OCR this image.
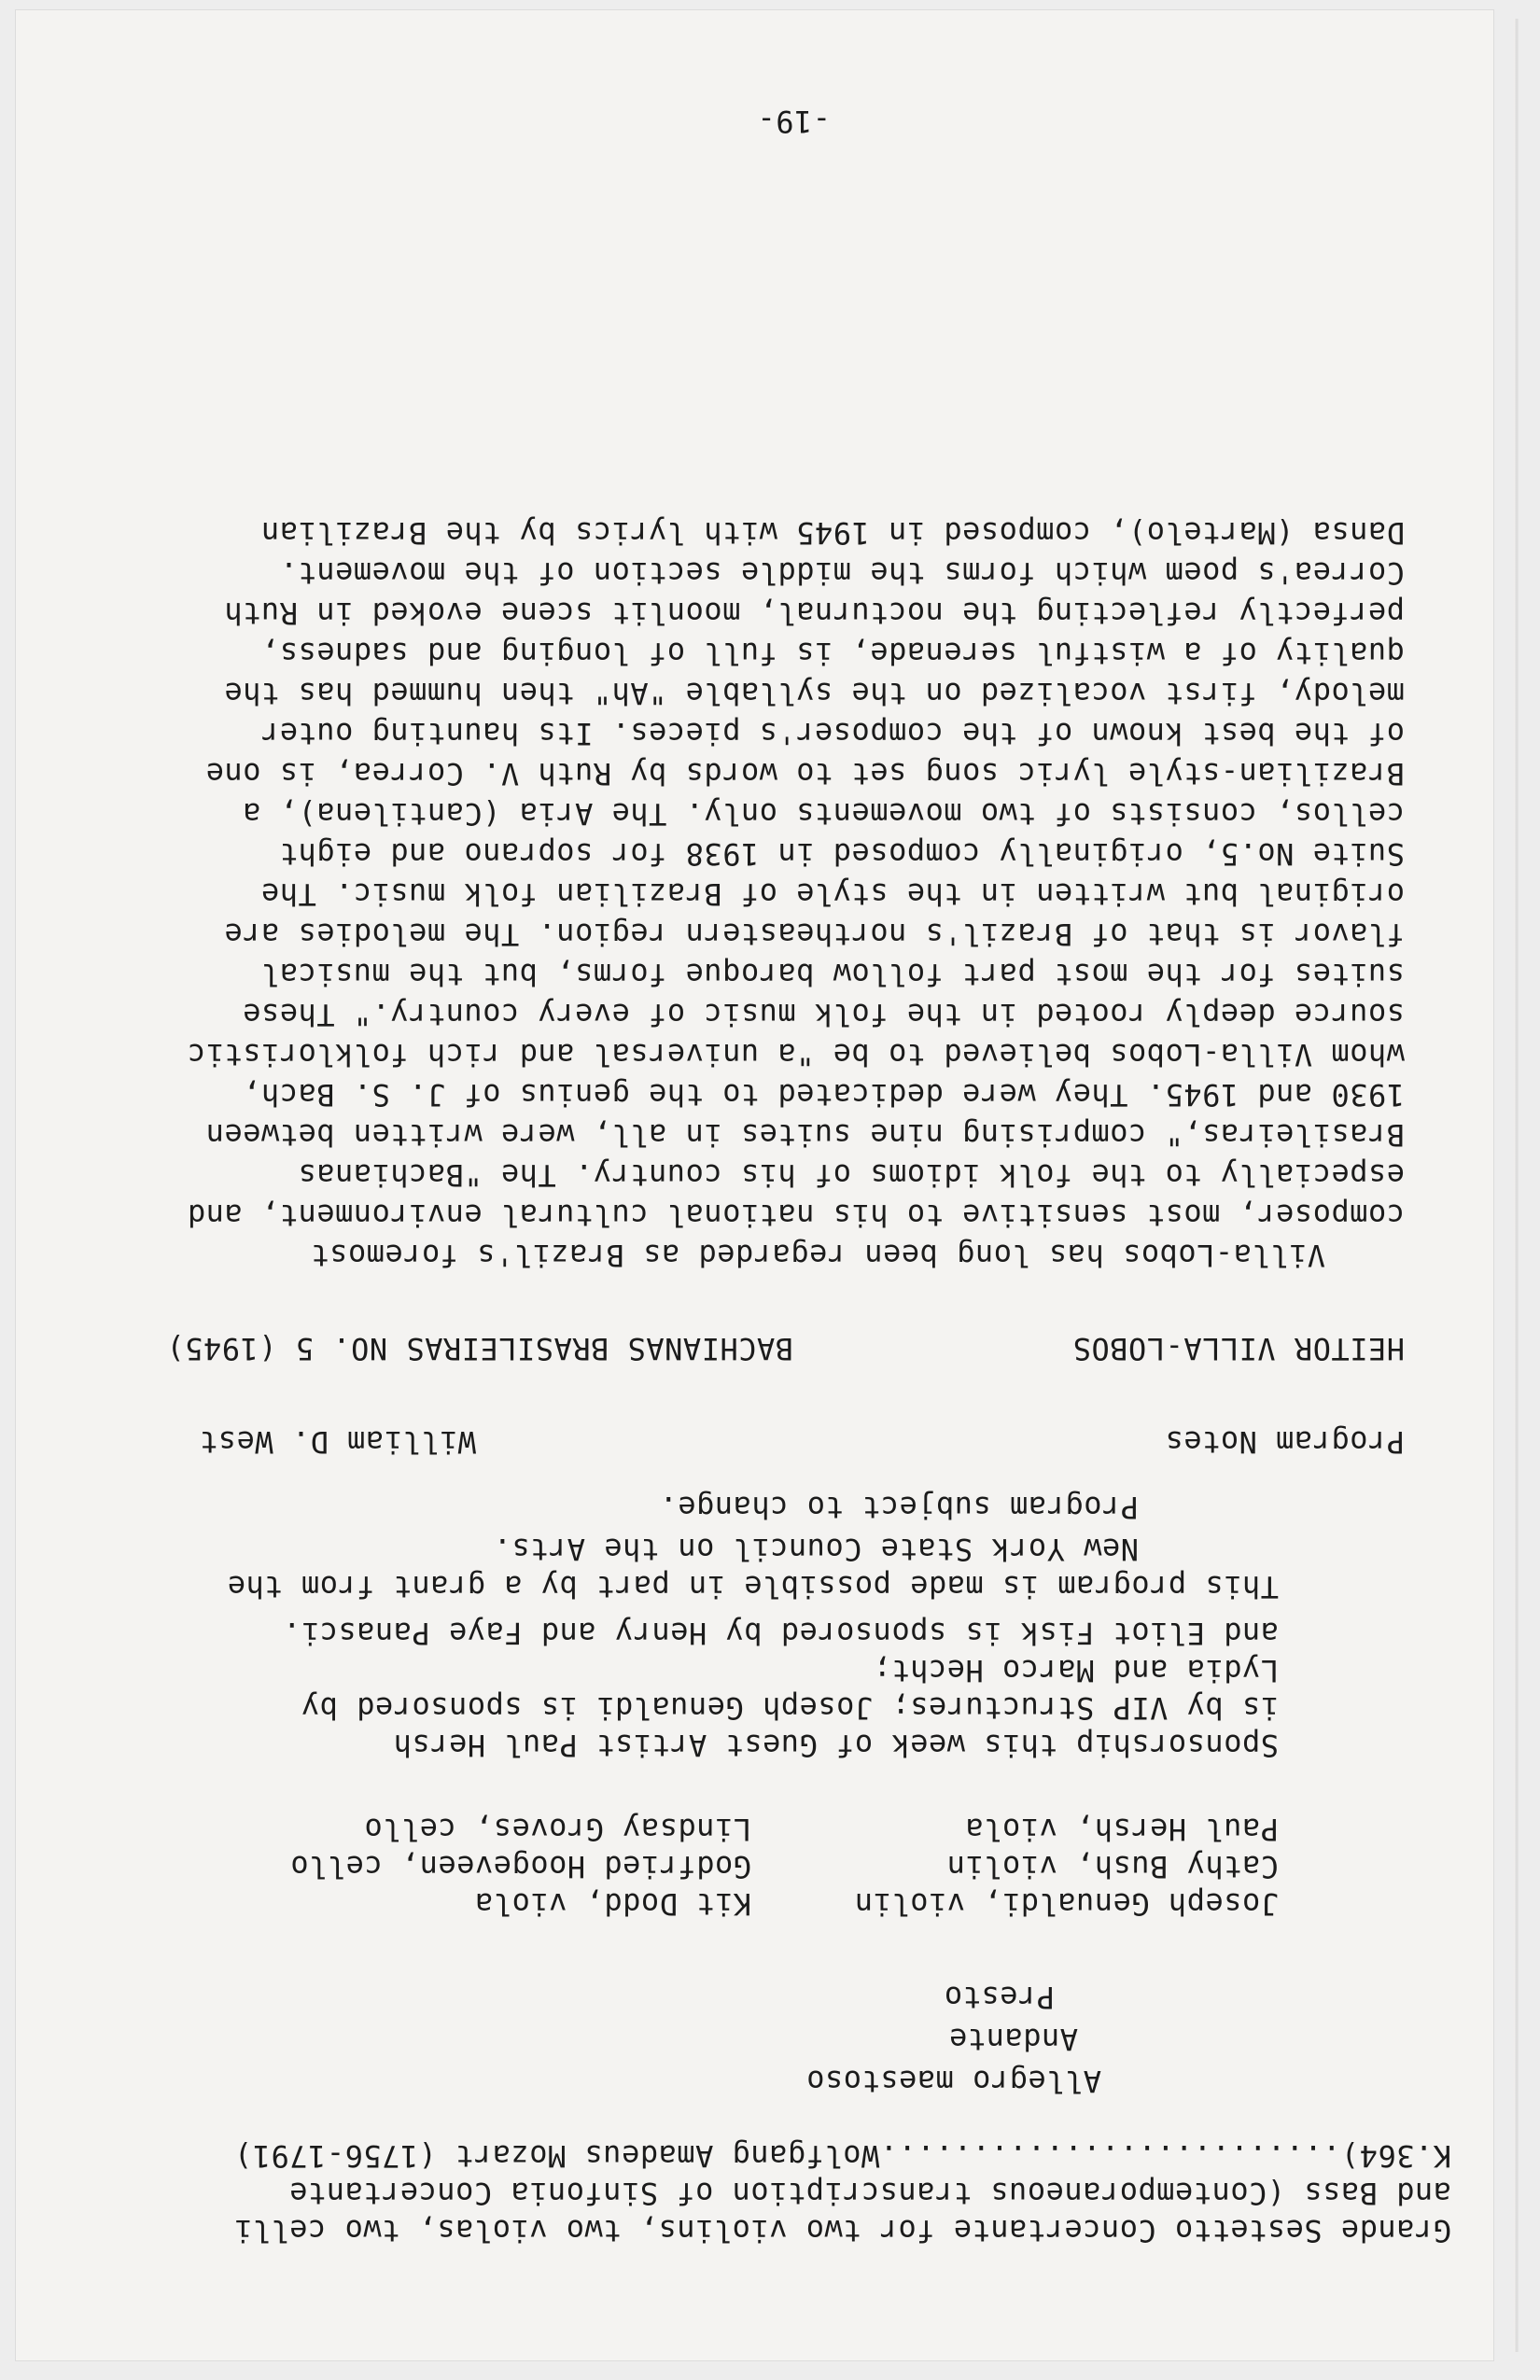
Grande Sestetto Concertante for two violins, two violas, two celli
and Bass (Contemporaneous transcription of Sinfonia Concertante
K.364).........................Wolfgang Amadeus Mozart (1756-1791)
Allegro maestoso
Andante
Presto
Joseph Genualdi, violin
Kit Dodd, viola
Cathy Bush, violin
Godfried Hoogeveen, cello
Paul Hersh, viola
Lindsay Groves, cello
Sponsorship this week of Guest Artist Paul Hersh
is by VIP Structures; Joseph Genualdi is sponsored by
Lydia and Marco Hecht;
and Eliot Fisk is sponsored by Henry and Faye Panasci.
This program is made possible in part by a grant from the
New York State Council on the Arts.
Program subject to change.
Program Notes
William D. West
HEITOR VILLA-LOBOS
BACHIANAS BRASILEIRAS NO. 5 (1945)
Villa-Lobos has long been regarded as Brazil's foremost
composer, most sensitive to his national cultural environment, and
especially to the folk idioms of his country. The "Bachianas
Brasileiras," comprising nine suites in all, were written between
1930 and 1945. They were dedicated to the genius of J. S. Bach,
whom Villa-Lobos believed to be "a universal and rich folkloristic
source deeply rooted in the folk music of every country." These
suites for the most part follow baroque forms, but the musical
flavor is that of Brazil's northeastern region. The melodies are
original but written in the style of Brazilian folk music. The
Suite No.5, originally composed in 1938 for soprano and eight
cellos, consists of two movements only. The Aria (Cantilena), a
Brazilian-style lyric song set to words by Ruth V. Correa, is one
of the best known of the composer's pieces. Its haunting outer
melody, first vocalized on the syllable "Ah" then hummed has the
quality of a wistful serenade, is full of longing and sadness,
perfectly reflecting the nocturnal, moonlit scene evoked in Ruth
Correa's poem which forms the middle section of the movement.
Dansa (Martelo), composed in 1945 with lyrics by the Brazilian
-19-
